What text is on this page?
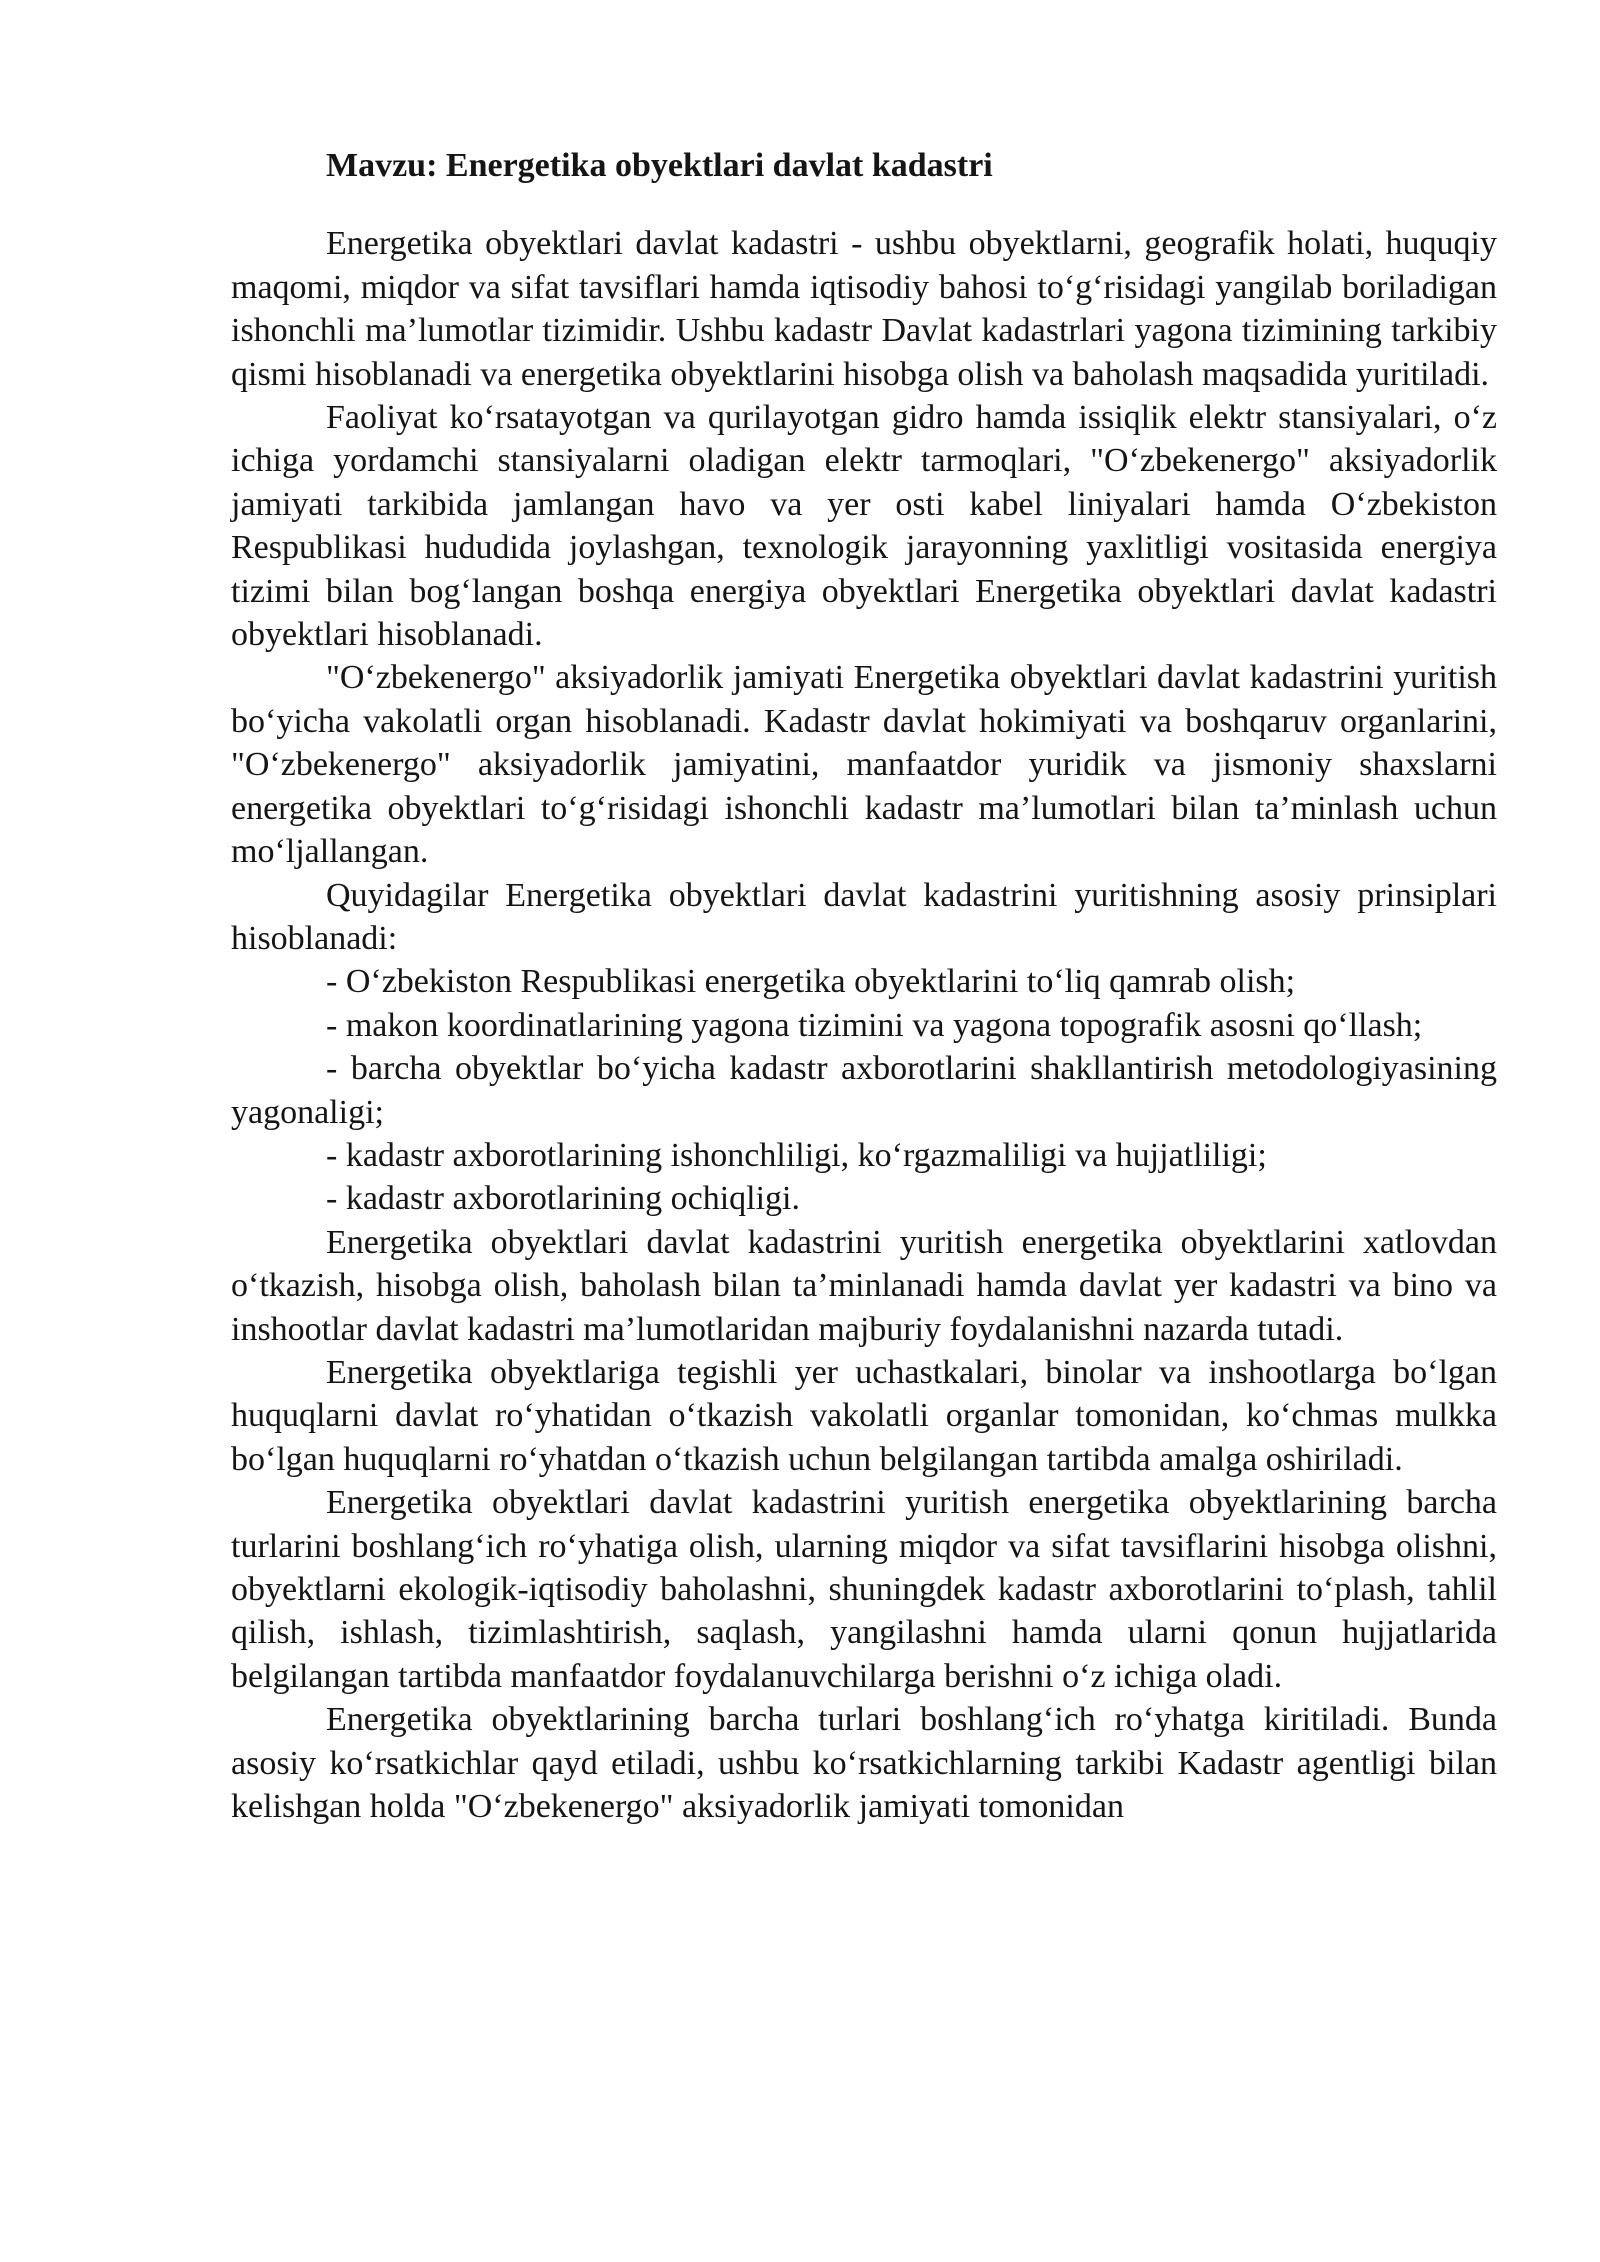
Mavzu: Energetika obyektlari davlat kadastri

Energetika obyektlari davlat kadastri - ushbu obyektlarni, geografik holati, huquqiy maqomi, miqdor va sifat tavsiflari hamda iqtisodiy bahosi to‘g‘risidagi yangilab boriladigan ishonchli ma’lumotlar tizimidir. Ushbu kadastr Davlat kadastrlari yagona tizimining tarkibiy qismi hisoblanadi va energetika obyektlarini hisobga olish va baholash maqsadida yuritiladi.

Faoliyat ko‘rsatayotgan va qurilayotgan gidro hamda issiqlik elektr stansiyalari, o‘z ichiga yordamchi stansiyalarni oladigan elektr tarmoqlari, "O‘zbekenergo" aksiyadorlik jamiyati tarkibida jamlangan havo va yer osti kabel liniyalari hamda O‘zbekiston Respublikasi hududida joylashgan, texnologik jarayonning yaxlitligi vositasida energiya tizimi bilan bog‘langan boshqa energiya obyektlari Energetika obyektlari davlat kadastri obyektlari hisoblanadi.

"O‘zbekenergo" aksiyadorlik jamiyati Energetika obyektlari davlat kadastrini yuritish bo‘yicha vakolatli organ hisoblanadi. Kadastr davlat hokimiyati va boshqaruv organlarini, "O‘zbekenergo" aksiyadorlik jamiyatini, manfaatdor yuridik va jismoniy shaxslarni energetika obyektlari to‘g‘risidagi ishonchli kadastr ma’lumotlari bilan ta’minlash uchun mo‘ljallangan.

Quyidagilar Energetika obyektlari davlat kadastrini yuritishning asosiy prinsiplari hisoblanadi:

- O‘zbekiston Respublikasi energetika obyektlarini to‘liq qamrab olish;

- makon koordinatlarining yagona tizimini va yagona topografik asosni qo‘llash;

- barcha obyektlar bo‘yicha kadastr axborotlarini shakllantirish metodologiyasining yagonaligi;

- kadastr axborotlarining ishonchliligi, ko‘rgazmaliligi va hujjatliligi;

- kadastr axborotlarining ochiqligi.

Energetika obyektlari davlat kadastrini yuritish energetika obyektlarini xatlovdan o‘tkazish, hisobga olish, baholash bilan ta’minlanadi hamda davlat yer kadastri va bino va inshootlar davlat kadastri ma’lumotlaridan majburiy foydalanishni nazarda tutadi.

Energetika obyektlariga tegishli yer uchastkalari, binolar va inshootlarga bo‘lgan huquqlarni davlat ro‘yhatidan o‘tkazish vakolatli organlar tomonidan, ko‘chmas mulkka bo‘lgan huquqlarni ro‘yhatdan o‘tkazish uchun belgilangan tartibda amalga oshiriladi.

Energetika obyektlari davlat kadastrini yuritish energetika obyektlarining barcha turlarini boshlang‘ich ro‘yhatiga olish, ularning miqdor va sifat tavsiflarini hisobga olishni, obyektlarni ekologik-iqtisodiy baholashni, shuningdek kadastr axborotlarini to‘plash, tahlil qilish, ishlash, tizimlashtirish, saqlash, yangilashni hamda ularni qonun hujjatlarida belgilangan tartibda manfaatdor foydalanuvchilarga berishni o‘z ichiga oladi.

Energetika obyektlarining barcha turlari boshlang‘ich ro‘yhatga kiritiladi. Bunda asosiy ko‘rsatkichlar qayd etiladi, ushbu ko‘rsatkichlarning tarkibi Kadastr agentligi bilan kelishgan holda "O‘zbekenergo" aksiyadorlik jamiyati tomonidan
